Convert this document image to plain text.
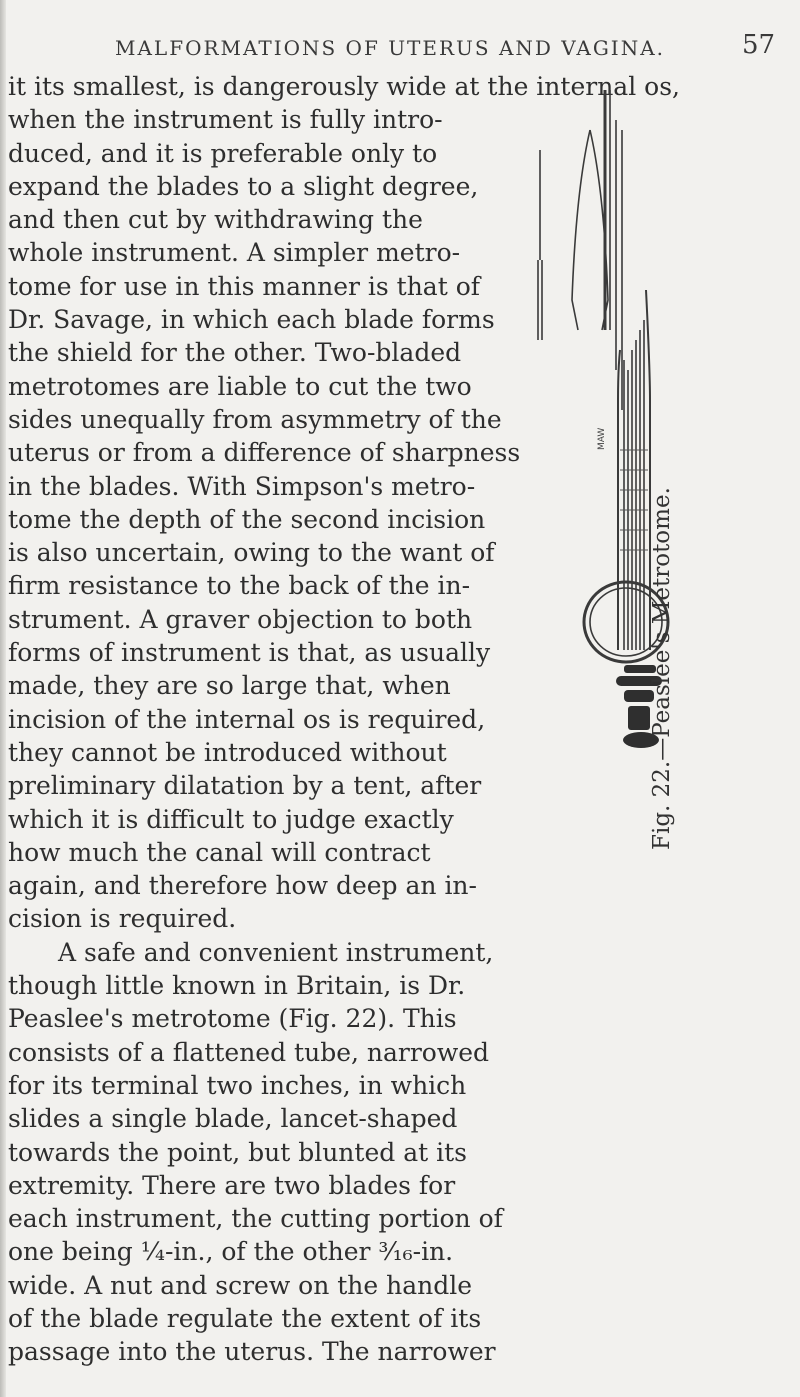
MALFORMATIONS OF UTERUS AND VAGINA.	57
it its smallest, is dangerously wide at the internal os,
when the instrument is fully intro-
duced, and it is preferable only to
expand the blades to a slight degree,
and then cut by withdrawing the
whole instrument. A simpler metro-
tome for use in this manner is that of
Dr. Savage, in which each blade forms
the shield for the other. Two-bladed
metrotomes are liable to cut the two
sides unequally from asymmetry of the
uterus or from a difference of sharpness
in the blades. With Simpson's metro-
tome the depth of the second incision
is also uncertain, owing to the want of
firm resistance to the back of the in-
strument. A graver objection to both
forms of instrument is that, as usually
made, they are so large that, when
incision of the internal os is required,
they cannot be introduced without
preliminary dilatation by a tent, after
which it is difficult to judge exactly
how much the canal will contract
again, and therefore how deep an in-
cision is required.
A safe and convenient instrument,
though little known in Britain, is Dr.
Peaslee's metrotome (Fig. 22). This
consists of a flattened tube, narrowed
for its terminal two inches, in which
slides a single blade, lancet-shaped
towards the point, but blunted at its
extremity. There are two blades for
each instrument, the cutting portion of
one being ¼-in., of the other ³⁄₁₆-in.
wide. A nut and screw on the handle
of the blade regulate the extent of its
passage into the uterus. The narrower
MAW
Fig. 22.—Peaslee's Metrotome.
